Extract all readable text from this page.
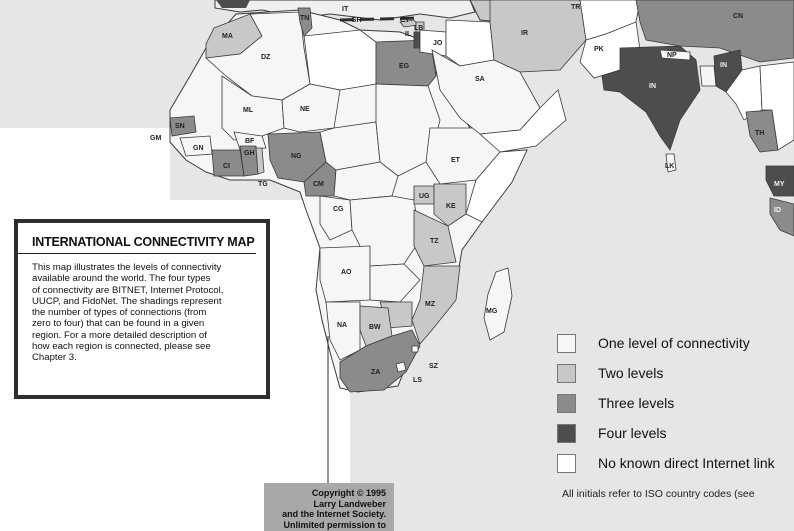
MA
DZ
TN
EG
ML	NE
SN
GM
GN
BF
GH
CI
TG
NG
CM
CG
ET
UG
KE
TZ
AO
MZ
MG
NA	BW
ZA
SZ
LS
IT
GR	CY
LB
IL
JO
IR
TR
SA
PK
IN
NP
BD
IN
LK
TH
MY
ID
CN
INTERNATIONAL CONNECTIVITY MAP
This map illustrates the levels of connectivity
available around the world. The four types
of connectivity are BITNET, Internet Protocol,
UUCP, and FidoNet. The shadings represent
the number of types of connections (from
zero to four) that can be found in a given
region. For a more detailed description of
how each region is connected, please see
Chapter 3.
One level of connectivity
Two levels
Three levels
Four levels
No known direct Internet link
All initials refer to ISO country codes (see
Copyright © 1995
Larry Landweber
and the Internet Society.
Unlimited permission to
